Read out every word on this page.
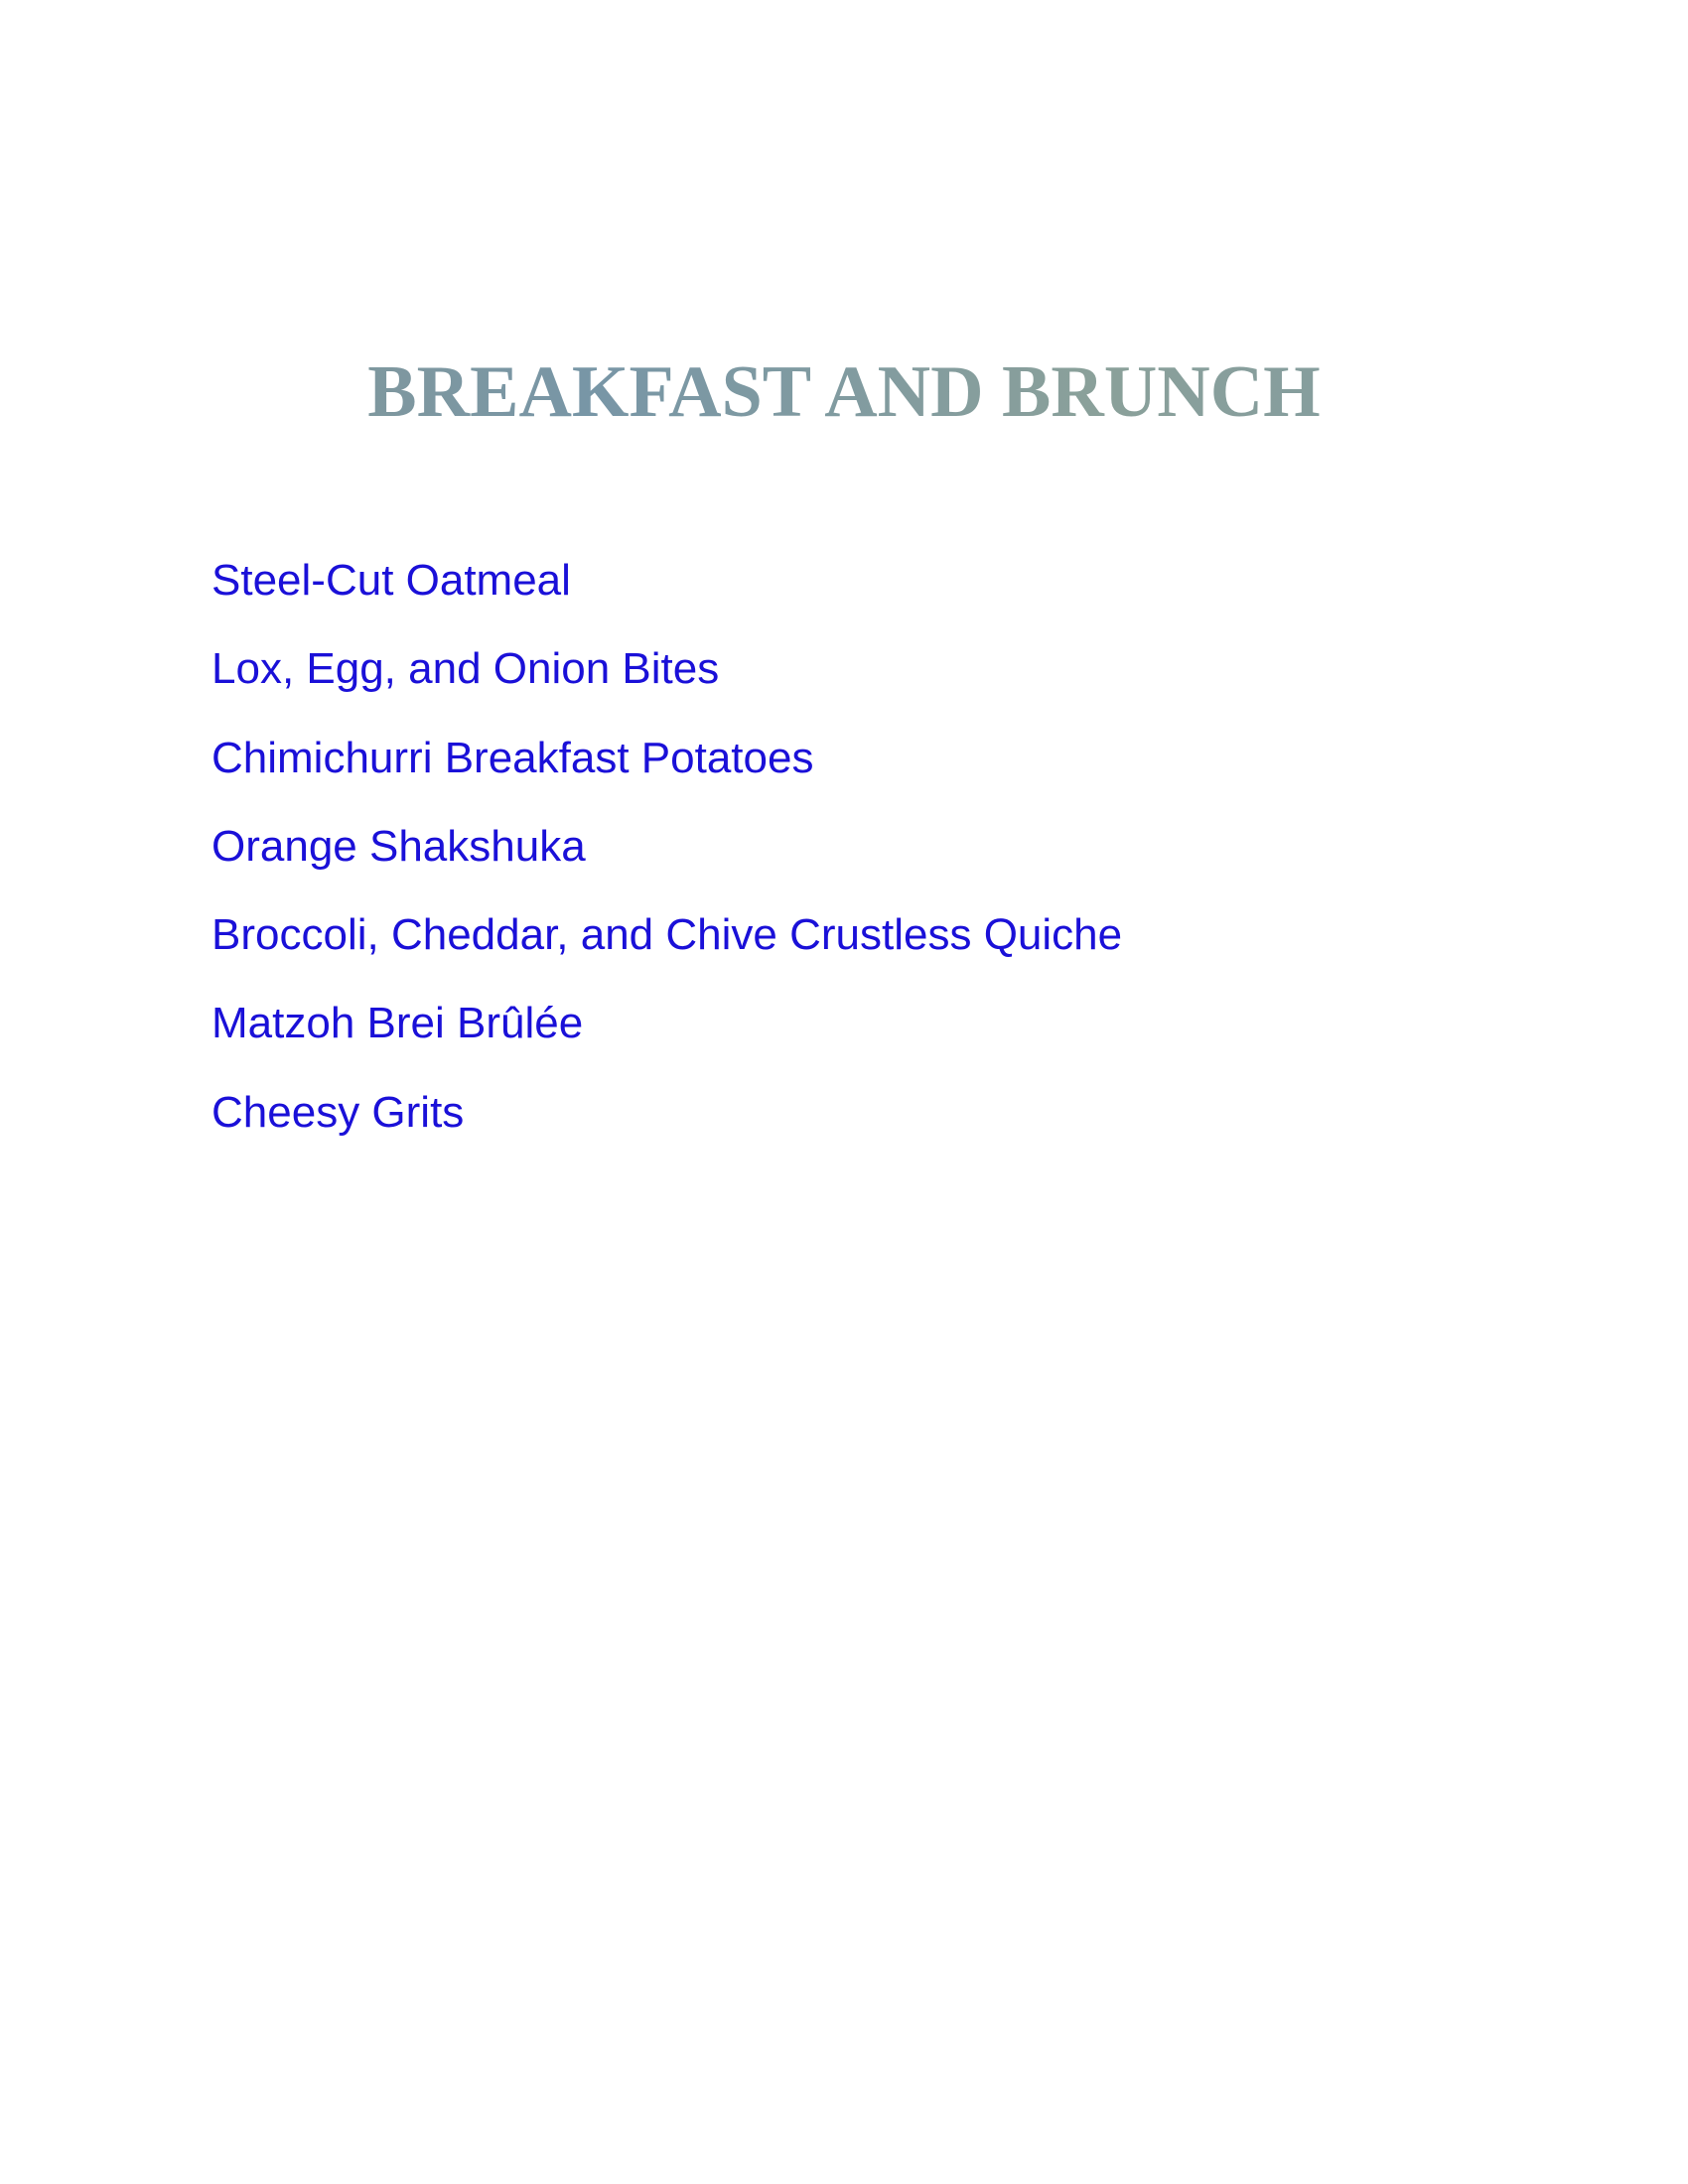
BREAKFAST AND BRUNCH
Steel-Cut Oatmeal
Lox, Egg, and Onion Bites
Chimichurri Breakfast Potatoes
Orange Shakshuka
Broccoli, Cheddar, and Chive Crustless Quiche
Matzoh Brei Brûlée
Cheesy Grits
